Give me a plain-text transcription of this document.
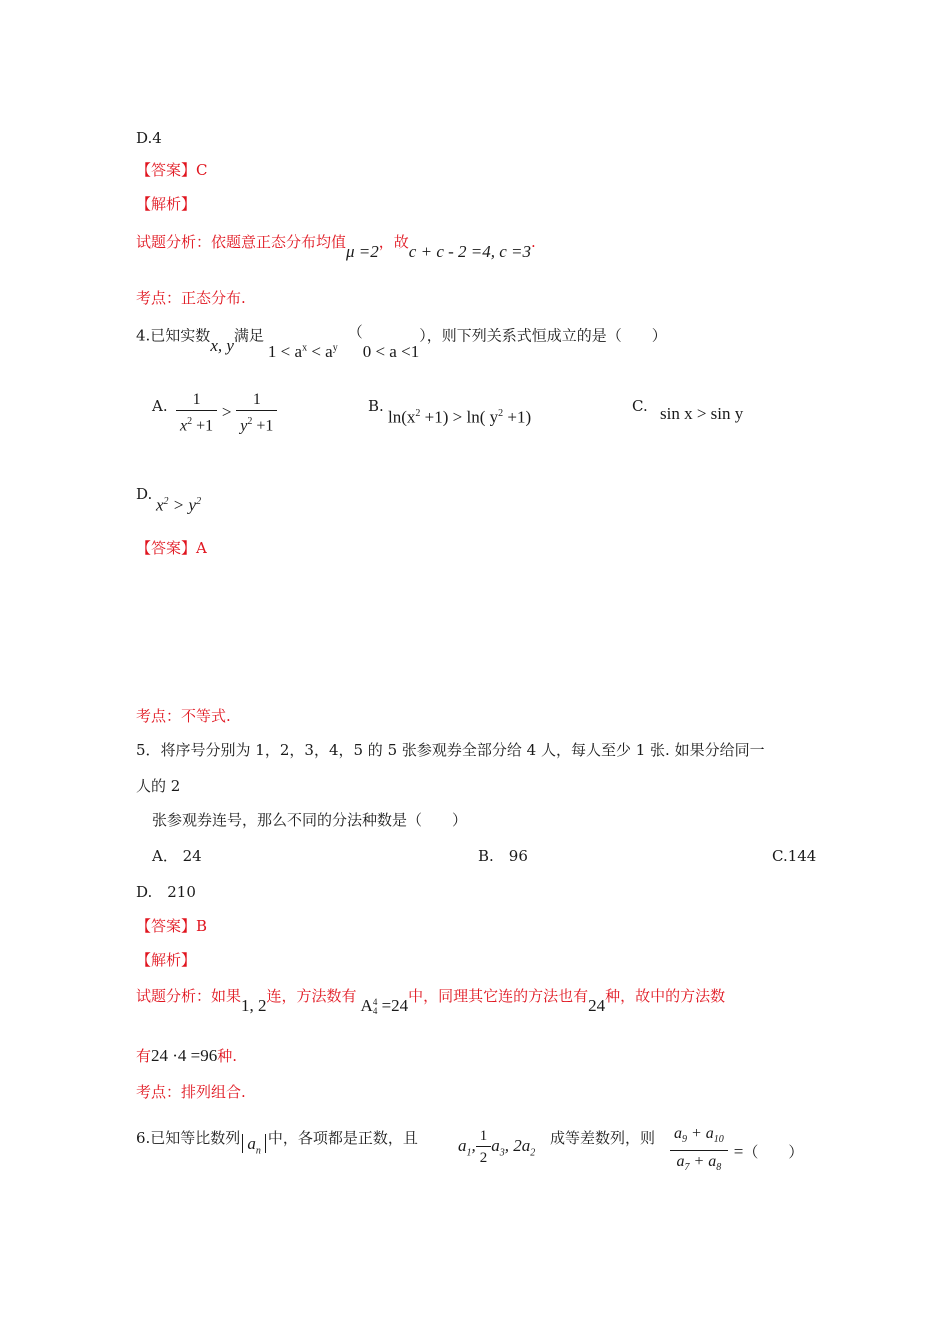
D.4
【答案】C
【解析】
试题分析：依题意正态分布均值μ =2，故c + c - 2 =4, c =3.
考点：正态分布.
4.已知实数x, y满足$1 < a^x < a^y(0 < a <1)$，则下列关系式恒成立的是（　　）
A. $\frac{1}{x^2 +1} > \frac{1}{y^2 +1}$	B.
$\ln(x^2 +1) > \ln$( $y^2 +1$)
C. sin x > sin y
D.
$x^2 > y^2$
【答案】A
考点：不等式.
5．将序号分别为 1，2，3，4，5 的 5 张参观券全部分给 4 人，每人至少 1 张. 如果分给同一
人的 2
张参观券连号，那么不同的分法种数是（　　）
A． 24	B.　96	C.144
D.　210
【答案】B
【解析】
试题分析：如果1, 2连，方法数有 A 4
4 =24中，同理其它连的方法也有24种，故中的方法数
有24 ·4 =96种.
考点：排列组合.
6.已知等比数列 $a_n$中，各项都是正数，且 $a_1$, $\frac{1}{2} a_3$, $2a_2$
成等差数列，则 $\frac{a_9 + a_{10}}{a_7 + a_8}$ =（　　）
